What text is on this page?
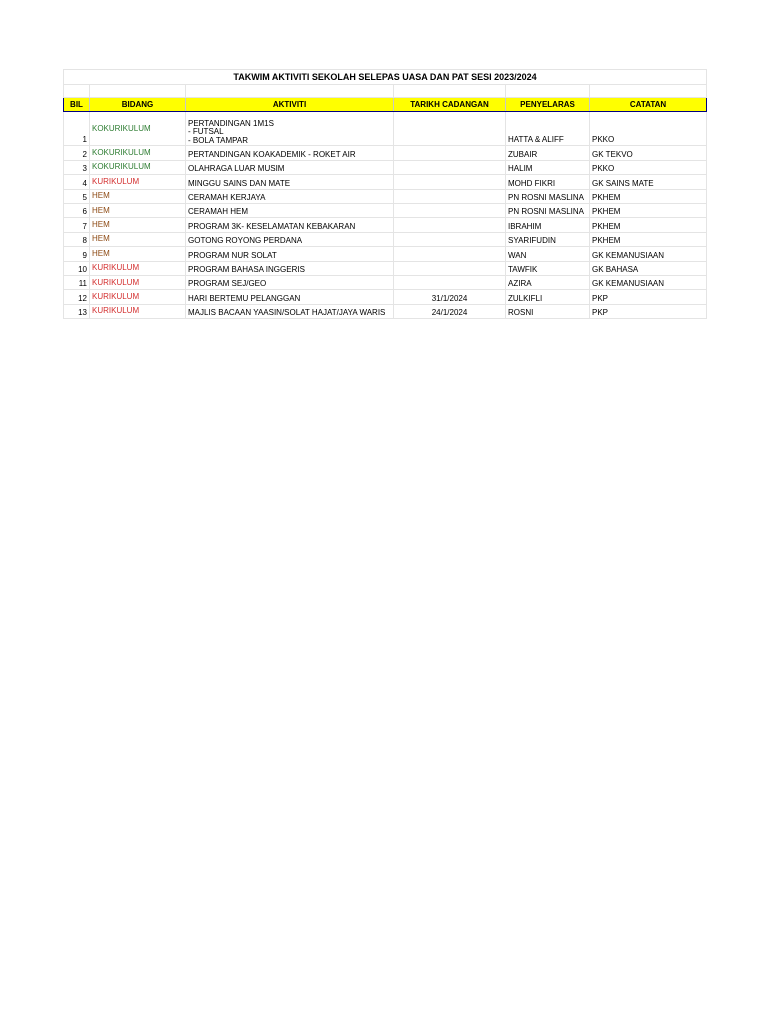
TAKWIM AKTIVITI SEKOLAH SELEPAS UASA DAN PAT SESI 2023/2024					

BIL	BIDANG	AKTIVITI	TARIKH CADANGAN	PENYELARAS	CATATAN
1	KOKURIKULUM	PERTANDINGAN 1M1S
- FUTSAL
- BOLA TAMPAR		HATTA & ALIFF	PKKO
2	KOKURIKULUM	PERTANDINGAN KOAKADEMIK - ROKET AIR		ZUBAIR	GK TEKVO
3	KOKURIKULUM	OLAHRAGA LUAR MUSIM		HALIM	PKKO
4	KURIKULUM	MINGGU SAINS DAN MATE		MOHD FIKRI	GK SAINS MATE
5	HEM	CERAMAH KERJAYA		PN ROSNI MASLINA	PKHEM
6	HEM	CERAMAH HEM		PN ROSNI MASLINA	PKHEM
7	HEM	PROGRAM 3K- KESELAMATAN KEBAKARAN		IBRAHIM	PKHEM
8	HEM	GOTONG ROYONG PERDANA		SYARIFUDIN	PKHEM
9	HEM	PROGRAM NUR SOLAT		WAN	GK KEMANUSIAAN
10	KURIKULUM	PROGRAM BAHASA INGGERIS		TAWFIK	GK BAHASA
11	KURIKULUM	PROGRAM SEJ/GEO		AZIRA	GK KEMANUSIAAN
12	KURIKULUM	HARI BERTEMU PELANGGAN	31/1/2024	ZULKIFLI	PKP
13	KURIKULUM	MAJLIS BACAAN YAASIN/SOLAT HAJAT/JAYA WARIS	24/1/2024	ROSNI	PKP
